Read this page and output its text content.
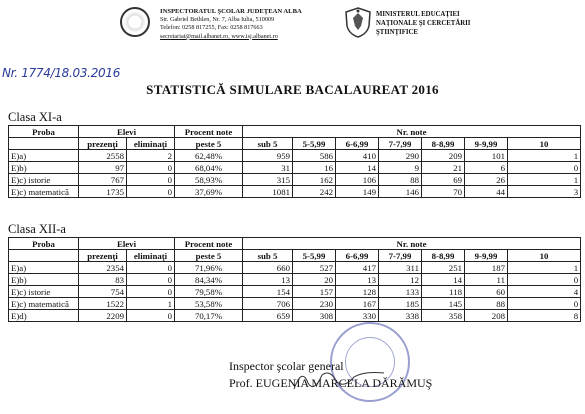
INSPECTORATUL ŞCOLAR JUDEŢEAN ALBA
Str. Gabriel Bethlen, Nr. 7, Alba Iulia, 510009
Telefon: 0258 817255, Fax: 0258 817663
secretariat@mail.albanet.ro, www.isj.albanet.ro
MINISTERUL EDUCAŢIEI
NAŢIONALE ŞI CERCETĂRII
ŞTIINŢIFICE
Nr. 1774/18.03.2016
STATISTICĂ SIMULARE BACALAUREAT 2016
Clasa XI-a
Proba	Elevi		Procent note	Nr. note						
	prezenţi	eliminaţi	peste 5	sub 5	5-5,99	6-6,99	7-7,99	8-8,99	9-9,99	10
E)a)	2558	2	62,48%	959	586	410	290	209	101	1
E)b)	97	0	68,04%	31	16	14	9	21	6	0
E)c) istorie	767	0	58,93%	315	162	106	88	69	26	1
E)c) matematică	1735	0	37,69%	1081	242	149	146	70	44	3
Clasa XII-a
Proba	Elevi		Procent note	Nr. note						
	prezenţi	eliminaţi	peste 5	sub 5	5-5,99	6-6,99	7-7,99	8-8,99	9-9,99	10
E)a)	2354	0	71,96%	660	527	417	311	251	187	1
E)b)	83	0	84,34%	13	20	13	12	14	11	0
E)c) istorie	754	0	79,58%	154	157	128	133	118	60	4
E)c) matematică	1522	1	53,58%	706	230	167	185	145	88	0
E)d)	2209	0	70,17%	659	308	330	338	358	208	8
Inspector şcolar general
Prof. EUGENIA MARCELA DĂRĂMUŞ
